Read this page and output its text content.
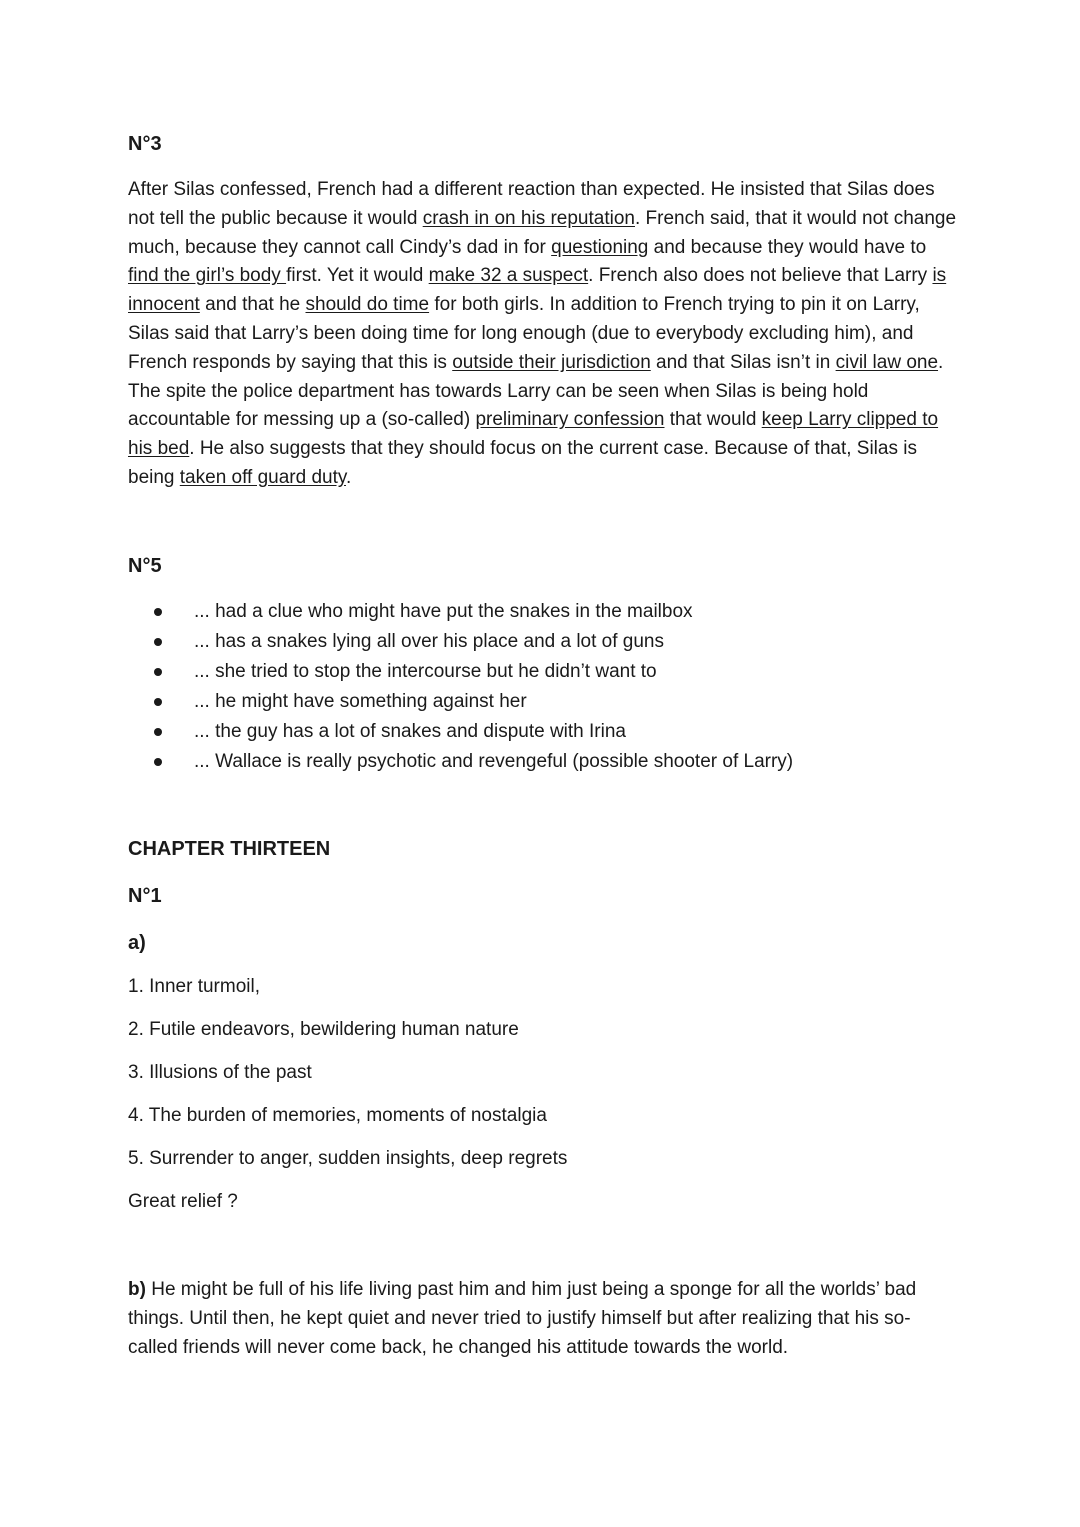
N°3

After Silas confessed, French had a different reaction than expected. He insisted that Silas does not tell the public because it would crash in on his reputation. French said, that it would not change much, because they cannot call Cindy’s dad in for questioning and because they would have to find the girl’s body first. Yet it would make 32 a suspect. French also does not believe that Larry is innocent and that he should do time for both girls. In addition to French trying to pin it on Larry, Silas said that Larry’s been doing time for long enough (due to everybody excluding him), and French responds by saying that this is outside their jurisdiction and that Silas isn’t in civil law one. The spite the police department has towards Larry can be seen when Silas is being hold accountable for messing up a (so-called) preliminary confession that would keep Larry clipped to his bed. He also suggests that they should focus on the current case. Because of that, Silas is being taken off guard duty.

N°5
... had a clue who might have put the snakes in the mailbox
... has a snakes lying all over his place and a lot of guns
... she tried to stop the intercourse but he didn’t want to
... he might have something against her
... the guy has a lot of snakes and dispute with Irina
... Wallace is really psychotic and revengeful (possible shooter of Larry)
CHAPTER THIRTEEN
N°1

a)

1. Inner turmoil,

2. Futile endeavors, bewildering human nature

3. Illusions of the past

4. The burden of memories, moments of nostalgia

5. Surrender to anger, sudden insights, deep regrets

Great relief ?

b) He might be full of his life living past him and him just being a sponge for all the worlds’ bad things. Until then, he kept quiet and never tried to justify himself but after realizing that his so-called friends will never come back, he changed his attitude towards the world.
